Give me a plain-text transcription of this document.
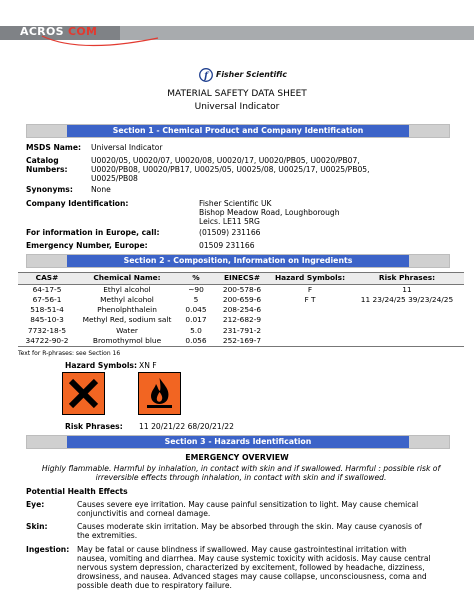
ACROS COM
f Fisher Scientific
MATERIAL SAFETY DATA SHEET
Universal Indicator
Section 1 - Chemical Product and Company Identification
MSDS Name: Universal Indicator
Catalog
Numbers:
U0020/05, U0020/07, U0020/08, U0020/17, U0020/PB05, U0020/PB07,
U0020/PB08, U0020/PB17, U0025/05, U0025/08, U0025/17, U0025/PB05,
U0025/PB08
Synonyms: None
Company Identification:	Fisher Scientific UK
Bishop Meadow Road, Loughborough
Leics. LE11 5RG
For information in Europe, call:	(01509) 231166
Emergency Number, Europe:	01509 231166
Section 2 - Composition, Information on Ingredients
CAS#	Chemical Name:	%	EINECS#	Hazard Symbols:	Risk Phrases:
64-17-5	Ethyl alcohol	~90	200-578-6	F	11
67-56-1	Methyl alcohol	5	200-659-6	F T	11 23/24/25 39/23/24/25
518-51-4	Phenolphthalein	0.045	208-254-6		
845-10-3	Methyl Red, sodium salt	0.017	212-682-9		
7732-18-5	Water	5.0	231-791-2		
34722-90-2	Bromothymol blue	0.056	252-169-7		
Text for R-phrases: see Section 16
Hazard Symbols: XN F
Risk Phrases: 11 20/21/22 68/20/21/22
Section 3 - Hazards Identification
EMERGENCY OVERVIEW
Highly flammable. Harmful by inhalation, in contact with skin and if swallowed. Harmful : possible risk of
irreversible effects through inhalation, in contact with skin and if swallowed.
Potential Health Effects
Eye:	Causes severe eye irritation. May cause painful sensitization to light. May cause chemical
conjunctivitis and corneal damage.
Skin:	Causes moderate skin irritation. May be absorbed through the skin. May cause cyanosis of
the extremities.
Ingestion: May be fatal or cause blindness if swallowed. May cause gastrointestinal irritation with
nausea, vomiting and diarrhea. May cause systemic toxicity with acidosis. May cause central
nervous system depression, characterized by excitement, followed by headache, dizziness,
drowsiness, and nausea. Advanced stages may cause collapse, unconsciousness, coma and
possible death due to respiratory failure.
